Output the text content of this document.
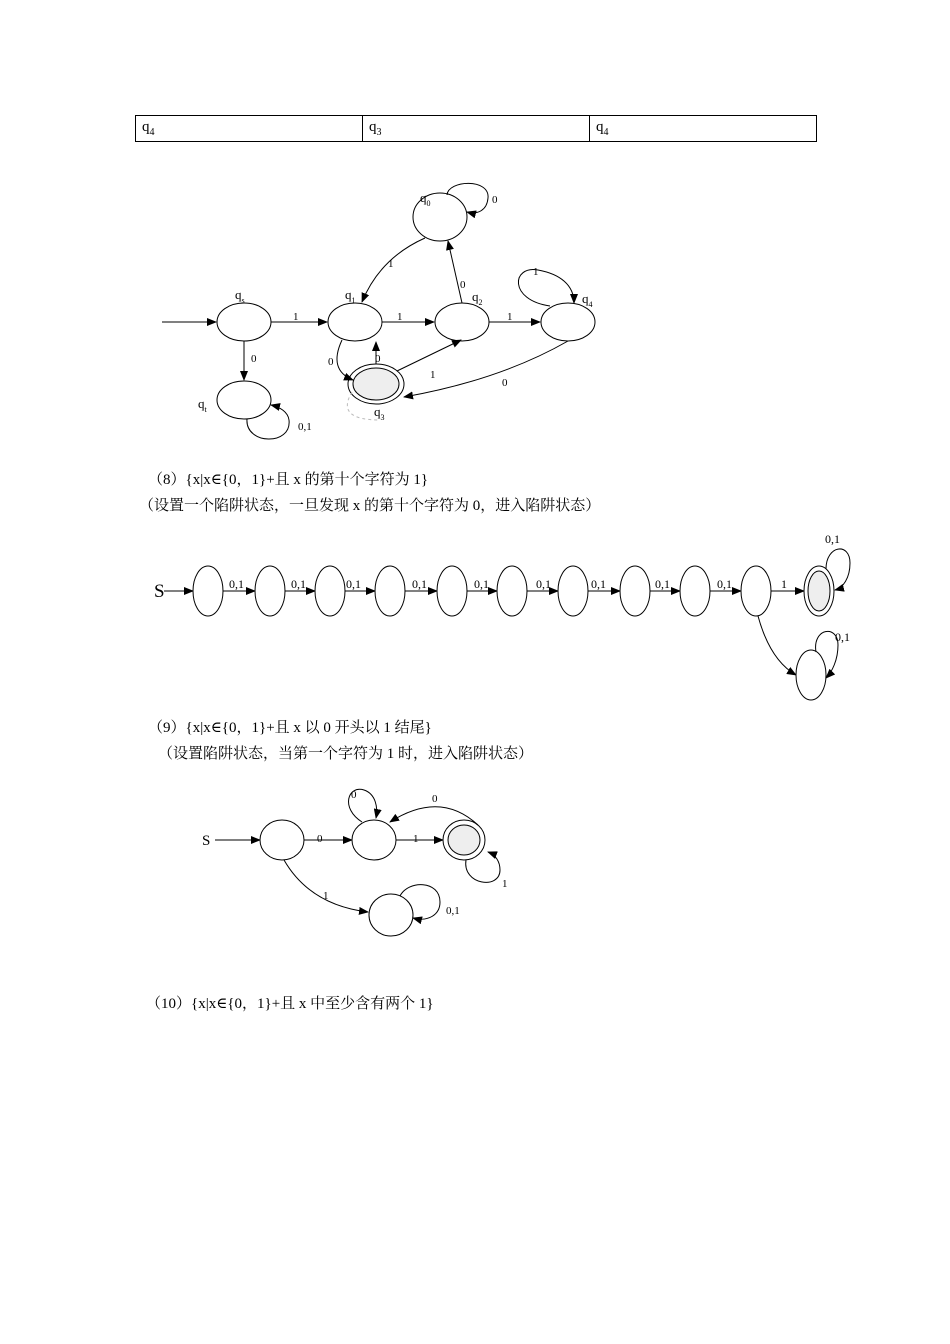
$q_4$	$q_3$	$q_4$
$q_0$
$q_s$	$q_1$	$q_2$	$q_4$
$q_t$	$q_3$
0
1
0
1
1	1	1
0	0	0
1
0
0,1
S	0,1	0,1	0,1	0,1	0,1	0,1	0,1	0,1	0,1	1
0,1
0,1
S	0
0
1
0
1
1
0,1
（8）{x|x∈{0，1}+且 x 的第十个字符为 1}
（设置一个陷阱状态，一旦发现 x 的第十个字符为 0，进入陷阱状态）
（9）{x|x∈{0，1}+且 x 以 0 开头以 1 结尾}
（设置陷阱状态，当第一个字符为 1 时，进入陷阱状态）
（10）{x|x∈{0，1}+且 x 中至少含有两个 1}
